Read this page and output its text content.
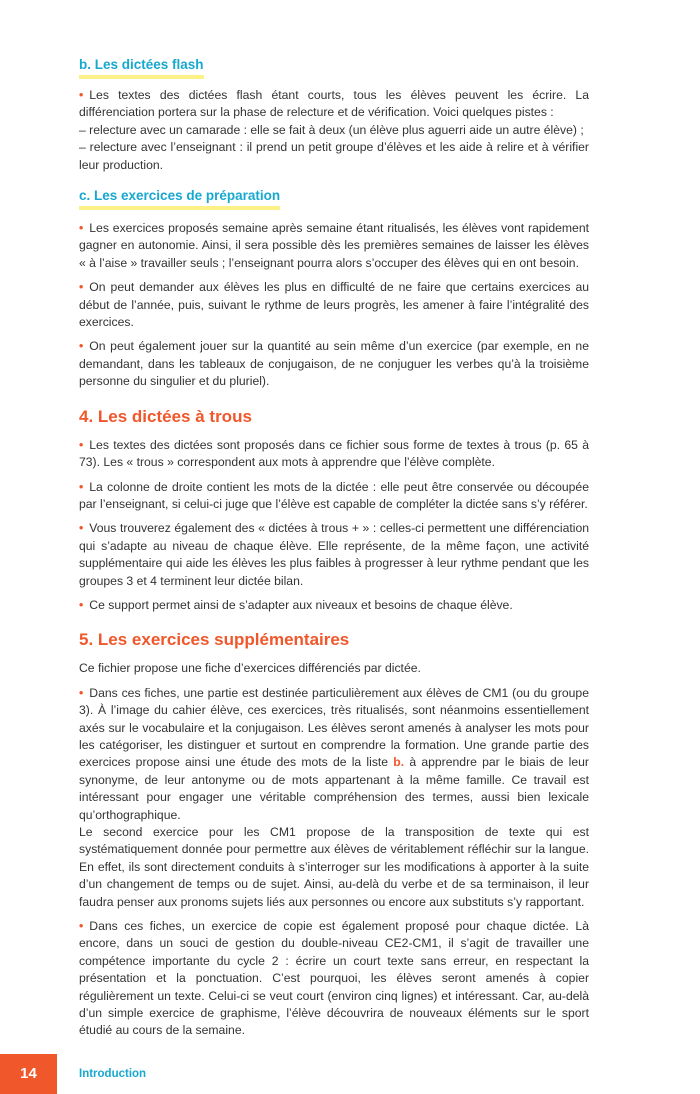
b. Les dictées flash

• Les textes des dictées flash étant courts, tous les élèves peuvent les écrire. La différenciation portera sur la phase de relecture et de vérification. Voici quelques pistes :

– relecture avec un camarade : elle se fait à deux (un élève plus aguerri aide un autre élève) ;

– relecture avec l’enseignant : il prend un petit groupe d’élèves et les aide à relire et à vérifier leur production.

c. Les exercices de préparation

• Les exercices proposés semaine après semaine étant ritualisés, les élèves vont rapidement gagner en autonomie. Ainsi, il sera possible dès les premières semaines de laisser les élèves « à l’aise » travailler seuls ; l’enseignant pourra alors s’occuper des élèves qui en ont besoin.

• On peut demander aux élèves les plus en difficulté de ne faire que certains exercices au début de l’année, puis, suivant le rythme de leurs progrès, les amener à faire l’intégralité des exercices.

• On peut également jouer sur la quantité au sein même d’un exercice (par exemple, en ne demandant, dans les tableaux de conjugaison, de ne conjuguer les verbes qu’à la troisième personne du singulier et du pluriel).

4. Les dictées à trous

• Les textes des dictées sont proposés dans ce fichier sous forme de textes à trous (p. 65 à 73). Les « trous » correspondent aux mots à apprendre que l’élève complète.

• La colonne de droite contient les mots de la dictée : elle peut être conservée ou découpée par l’enseignant, si celui-ci juge que l’élève est capable de compléter la dictée sans s’y référer.

• Vous trouverez également des « dictées à trous + » : celles-ci permettent une différenciation qui s’adapte au niveau de chaque élève. Elle représente, de la même façon, une activité supplémentaire qui aide les élèves les plus faibles à progresser à leur rythme pendant que les groupes 3 et 4 terminent leur dictée bilan.

• Ce support permet ainsi de s’adapter aux niveaux et besoins de chaque élève.

5. Les exercices supplémentaires

Ce fichier propose une fiche d’exercices différenciés par dictée.

• Dans ces fiches, une partie est destinée particulièrement aux élèves de CM1 (ou du groupe 3). À l’image du cahier élève, ces exercices, très ritualisés, sont néanmoins essentiellement axés sur le vocabulaire et la conjugaison. Les élèves seront amenés à analyser les mots pour les catégoriser, les distinguer et surtout en comprendre la formation. Une grande partie des exercices propose ainsi une étude des mots de la liste b. à apprendre par le biais de leur synonyme, de leur antonyme ou de mots appartenant à la même famille. Ce travail est intéressant pour engager une véritable compréhension des termes, aussi bien lexicale qu’orthographique.

Le second exercice pour les CM1 propose de la transposition de texte qui est systématiquement donnée pour permettre aux élèves de véritablement réfléchir sur la langue. En effet, ils sont directement conduits à s’interroger sur les modifications à apporter à la suite d’un changement de temps ou de sujet. Ainsi, au-delà du verbe et de sa terminaison, il leur faudra penser aux pronoms sujets liés aux personnes ou encore aux substituts s’y rapportant.

• Dans ces fiches, un exercice de copie est également proposé pour chaque dictée. Là encore, dans un souci de gestion du double-niveau CE2-CM1, il s’agit de travailler une compétence importante du cycle 2 : écrire un court texte sans erreur, en respectant la présentation et la ponctuation. C’est pourquoi, les élèves seront amenés à copier régulièrement un texte. Celui-ci se veut court (environ cinq lignes) et intéressant. Car, au-delà d’un simple exercice de graphisme, l’élève découvrira de nouveaux éléments sur le sport étudié au cours de la semaine.

14	Introduction
